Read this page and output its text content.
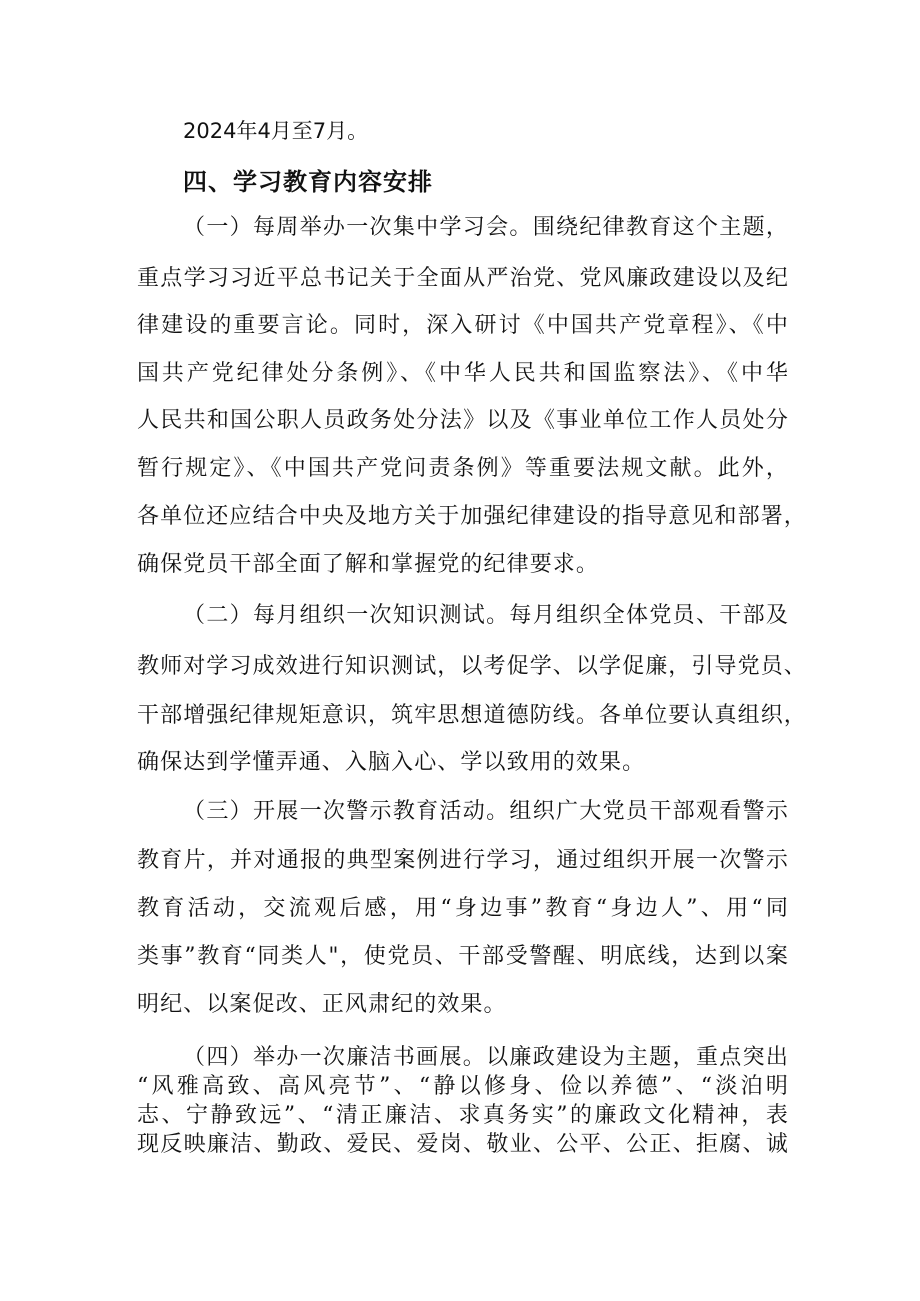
2024年4月至7月。
四、学习教育内容安排
（一）每周举办一次集中学习会。围绕纪律教育这个主题，
重点学习习近平总书记关于全面从严治党、党风廉政建设以及纪
律建设的重要言论。同时，深入研讨《中国共产党章程》、《中
国共产党纪律处分条例》、《中华人民共和国监察法》、《中华
人民共和国公职人员政务处分法》以及《事业单位工作人员处分
暂行规定》、《中国共产党问责条例》等重要法规文献。此外，
各单位还应结合中央及地方关于加强纪律建设的指导意见和部署，
确保党员干部全面了解和掌握党的纪律要求。
（二）每月组织一次知识测试。每月组织全体党员、干部及
教师对学习成效进行知识测试，以考促学、以学促廉，引导党员、
干部增强纪律规矩意识，筑牢思想道德防线。各单位要认真组织，
确保达到学懂弄通、入脑入心、学以致用的效果。
（三）开展一次警示教育活动。组织广大党员干部观看警示
教育片，并对通报的典型案例进行学习，通过组织开展一次警示
教育活动，交流观后感，用“身边事”教育“身边人”、用“同
类事”教育“同类人"，使党员、干部受警醒、明底线，达到以案
明纪、以案促改、正风肃纪的效果。
（四）举办一次廉洁书画展。以廉政建设为主题，重点突出
“风雅高致、高风亮节”、“静以修身、俭以养德”、“淡泊明
志、宁静致远”、“清正廉洁、求真务实”的廉政文化精神，表
现反映廉洁、勤政、爱民、爱岗、敬业、公平、公正、拒腐、诚
